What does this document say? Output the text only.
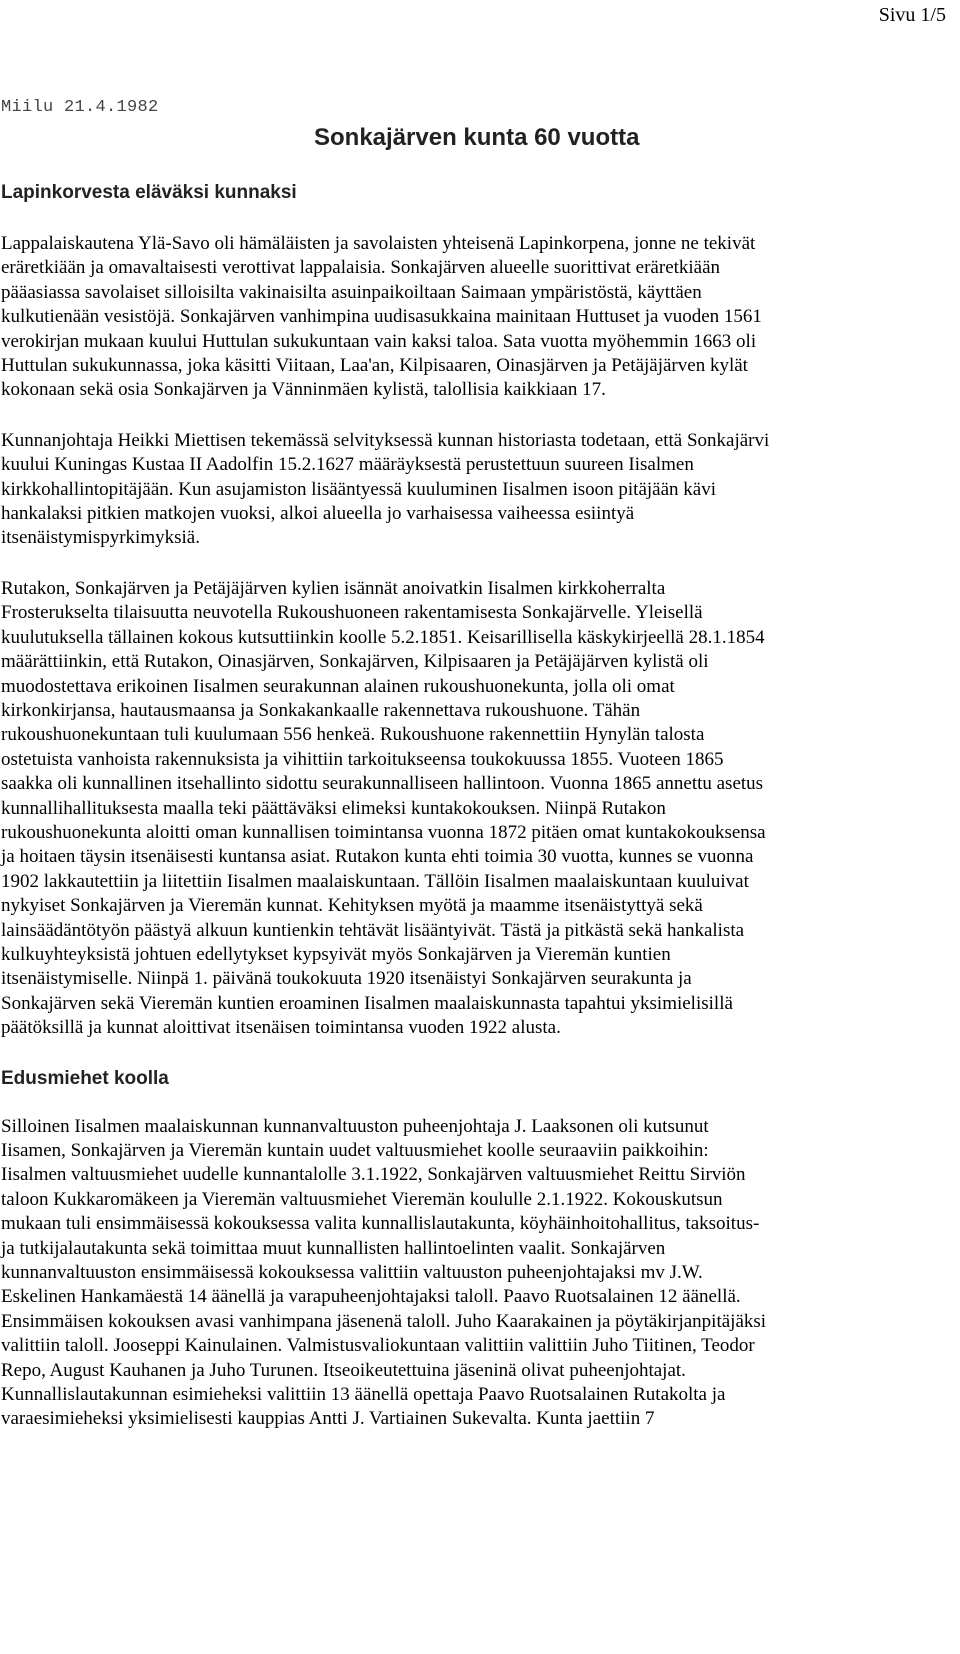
Sivu 1/5
Miilu 21.4.1982
Sonkajärven kunta 60 vuotta
Lapinkorvesta eläväksi kunnaksi

Lappalaiskautena Ylä-Savo oli hämäläisten ja savolaisten yhteisenä Lapinkorpena, jonne ne tekivät
eräretkiään ja omavaltaisesti verottivat lappalaisia. Sonkajärven alueelle suorittivat eräretkiään
pääasiassa savolaiset silloisilta vakinaisilta asuinpaikoiltaan Saimaan ympäristöstä, käyttäen
kulkutienään vesistöjä. Sonkajärven vanhimpina uudisasukkaina mainitaan Huttuset ja vuoden 1561
verokirjan mukaan kuului Huttulan sukukuntaan vain kaksi taloa. Sata vuotta myöhemmin 1663 oli
Huttulan sukukunnassa, joka käsitti Viitaan, Laa'an, Kilpisaaren, Oinasjärven ja Petäjäjärven kylät
kokonaan sekä osia Sonkajärven ja Vänninmäen kylistä, talollisia kaikkiaan 17.

Kunnanjohtaja Heikki Miettisen tekemässä selvityksessä kunnan historiasta todetaan, että Sonkajärvi
kuului Kuningas Kustaa II Aadolfin 15.2.1627 määräyksestä perustettuun suureen Iisalmen
kirkkohallintopitäjään. Kun asujamiston lisääntyessä kuuluminen Iisalmen isoon pitäjään kävi
hankalaksi pitkien matkojen vuoksi, alkoi alueella jo varhaisessa vaiheessa esiintyä
itsenäistymispyrkimyksiä.

Rutakon, Sonkajärven ja Petäjäjärven kylien isännät anoivatkin Iisalmen kirkkoherralta
Frosterukselta tilaisuutta neuvotella Rukoushuoneen rakentamisesta Sonkajärvelle. Yleisellä
kuulutuksella tällainen kokous kutsuttiinkin koolle 5.2.1851. Keisarillisella käskykirjeellä 28.1.1854
määrättiinkin, että Rutakon, Oinasjärven, Sonkajärven, Kilpisaaren ja Petäjäjärven kylistä oli
muodostettava erikoinen Iisalmen seurakunnan alainen rukoushuonekunta, jolla oli omat
kirkonkirjansa, hautausmaansa ja Sonkakankaalle rakennettava rukoushuone. Tähän
rukoushuonekuntaan tuli kuulumaan 556 henkeä. Rukoushuone rakennettiin Hynylän talosta
ostetuista vanhoista rakennuksista ja vihittiin tarkoitukseensa toukokuussa 1855. Vuoteen 1865
saakka oli kunnallinen itsehallinto sidottu seurakunnalliseen hallintoon. Vuonna 1865 annettu asetus
kunnallihallituksesta maalla teki päättäväksi elimeksi kuntakokouksen. Niinpä Rutakon
rukoushuonekunta aloitti oman kunnallisen toimintansa vuonna 1872 pitäen omat kuntakokouksensa
ja hoitaen täysin itsenäisesti kuntansa asiat. Rutakon kunta ehti toimia 30 vuotta, kunnes se vuonna
1902 lakkautettiin ja liitettiin Iisalmen maalaiskuntaan. Tällöin Iisalmen maalaiskuntaan kuuluivat
nykyiset Sonkajärven ja Vieremän kunnat. Kehityksen myötä ja maamme itsenäistyttyä sekä
lainsäädäntötyön päästyä alkuun kuntienkin tehtävät lisääntyivät. Tästä ja pitkästä sekä hankalista
kulkuyhteyksistä johtuen edellytykset kypsyivät myös Sonkajärven ja Vieremän kuntien
itsenäistymiselle. Niinpä 1. päivänä toukokuuta 1920 itsenäistyi Sonkajärven seurakunta ja
Sonkajärven sekä Vieremän kuntien eroaminen Iisalmen maalaiskunnasta tapahtui yksimielisillä
päätöksillä ja kunnat aloittivat itsenäisen toimintansa vuoden 1922 alusta.

Edusmiehet koolla

Silloinen Iisalmen maalaiskunnan kunnanvaltuuston puheenjohtaja J. Laaksonen oli kutsunut
Iisamen, Sonkajärven ja Vieremän kuntain uudet valtuusmiehet koolle seuraaviin paikkoihin:
Iisalmen valtuusmiehet uudelle kunnantalolle 3.1.1922, Sonkajärven valtuusmiehet Reittu Sirviön
taloon Kukkaromäkeen ja Vieremän valtuusmiehet Vieremän koululle 2.1.1922. Kokouskutsun
mukaan tuli ensimmäisessä kokouksessa valita kunnallislautakunta, köyhäinhoitohallitus, taksoitus-
ja tutkijalautakunta sekä toimittaa muut kunnallisten hallintoelinten vaalit. Sonkajärven
kunnanvaltuuston ensimmäisessä kokouksessa valittiin valtuuston puheenjohtajaksi mv J.W.
Eskelinen Hankamäestä 14 äänellä ja varapuheenjohtajaksi taloll. Paavo Ruotsalainen 12 äänellä.
Ensimmäisen kokouksen avasi vanhimpana jäsenenä taloll. Juho Kaarakainen ja pöytäkirjanpitäjäksi
valittiin taloll. Jooseppi Kainulainen. Valmistusvaliokuntaan valittiin valittiin Juho Tiitinen, Teodor
Repo, August Kauhanen ja Juho Turunen. Itseoikeutettuina jäseninä olivat puheenjohtajat.
Kunnallislautakunnan esimieheksi valittiin 13 äänellä opettaja Paavo Ruotsalainen Rutakolta ja
varaesimieheksi yksimielisesti kauppias Antti J. Vartiainen Sukevalta. Kunta jaettiin 7
